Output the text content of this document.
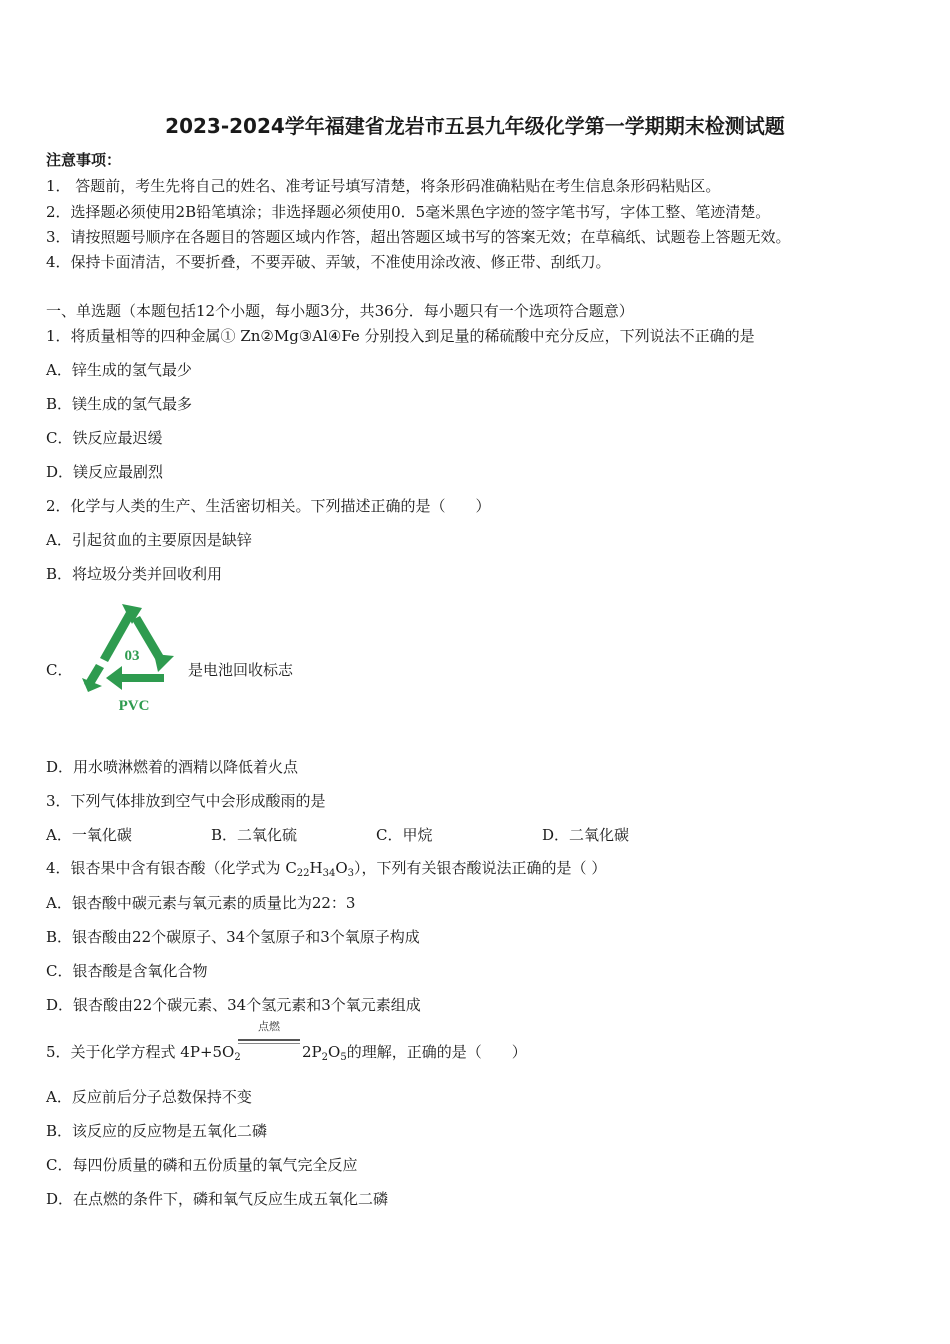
2023-2024学年福建省龙岩市五县九年级化学第一学期期末检测试题
注意事项：
1． 答题前，考生先将自己的姓名、准考证号填写清楚，将条形码准确粘贴在考生信息条形码粘贴区。
2．选择题必须使用2B铅笔填涂；非选择题必须使用0．5毫米黑色字迹的签字笔书写，字体工整、笔迹清楚。
3．请按照题号顺序在各题目的答题区域内作答，超出答题区域书写的答案无效；在草稿纸、试题卷上答题无效。
4．保持卡面清洁，不要折叠，不要弄破、弄皱，不准使用涂改液、修正带、刮纸刀。
一、单选题（本题包括12个小题，每小题3分，共36分．每小题只有一个选项符合题意）
1．将质量相等的四种金属① Zn②Mg③Al④Fe 分别投入到足量的稀硫酸中充分反应，下列说法不正确的是
A．锌生成的氢气最少
B．镁生成的氢气最多
C．铁反应最迟缓
D．镁反应最剧烈
2．化学与人类的生产、生活密切相关。下列描述正确的是（　　）
A．引起贫血的主要原因是缺锌
B．将垃圾分类并回收利用
C．
03
PVC
是电池回收标志
D．用水喷淋燃着的酒精以降低着火点
3．下列气体排放到空气中会形成酸雨的是
A．一氧化碳	B．二氧化硫	C．甲烷	D．二氧化碳
4．银杏果中含有银杏酸（化学式为 $C_{22}H_{34}O_3$），下列有关银杏酸说法正确的是（ ）
A．银杏酸中碳元素与氧元素的质量比为22：3
B．银杏酸由22个碳原子、34个氢原子和3个氧原子构成
C．银杏酸是含氧化合物
D．银杏酸由22个碳元素、34个氢元素和3个氧元素组成
5．关于化学方程式 $4P+5O_2$
点燃
$2P_2O_5$的理解，正确的是（　　）
A．反应前后分子总数保持不变
B．该反应的反应物是五氧化二磷
C．每四份质量的磷和五份质量的氧气完全反应
D．在点燃的条件下，磷和氧气反应生成五氧化二磷
